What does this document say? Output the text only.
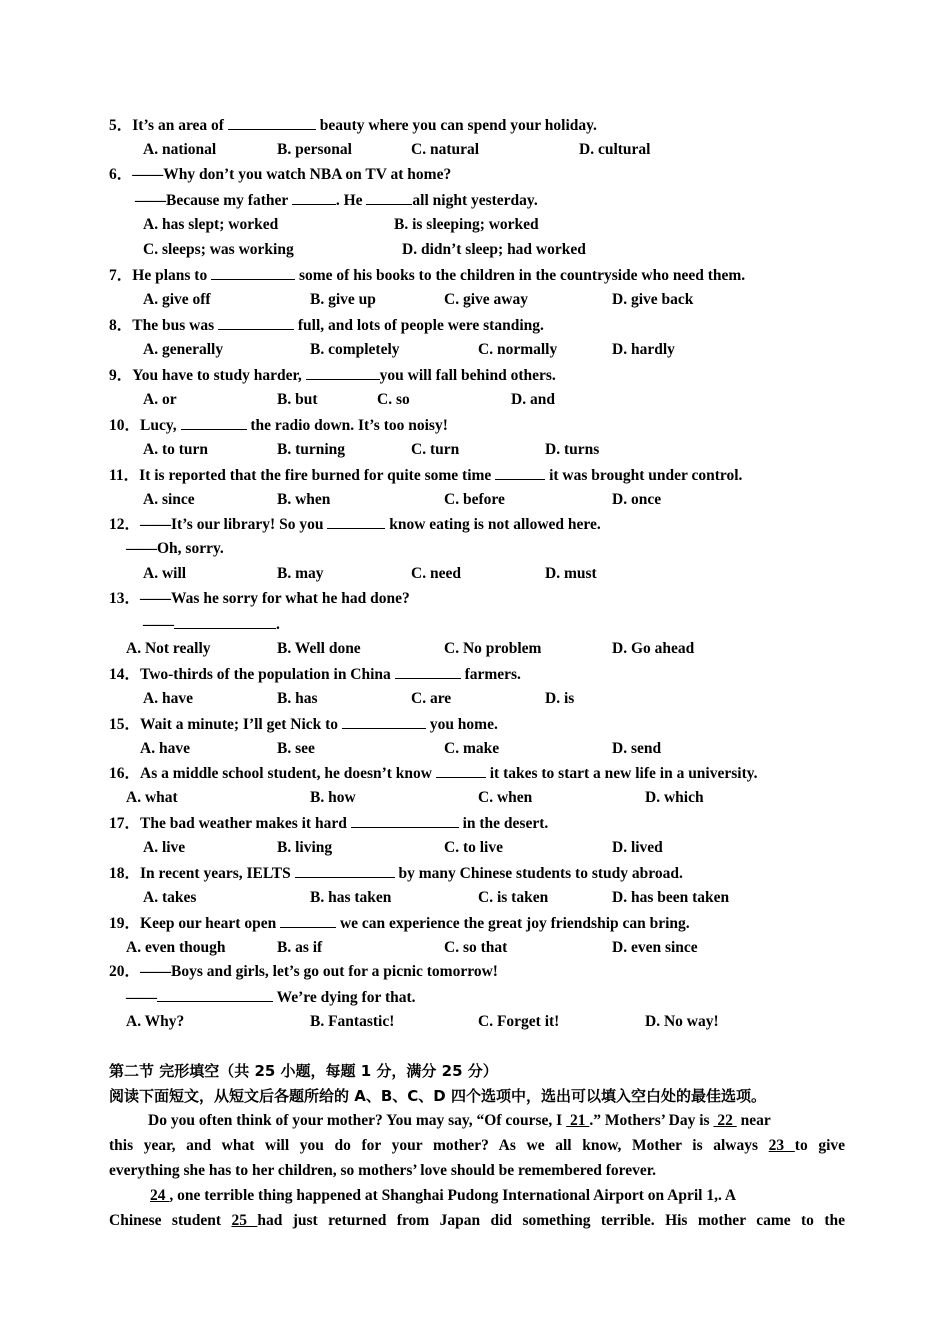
5．It’s an area of	beauty where you can spend your holiday.
A. national	B. personal	C. natural	D. cultural
6．——Why don’t you watch NBA on TV at home?
——Because my father	. He	all night yesterday.
A. has slept; worked	B. is sleeping; worked
C. sleeps; was working	D. didn’t sleep; had worked
7．He plans to	some of his books to the children in the countryside who need them.
A. give off	B. give up	C. give away	D. give back
8．The bus was	full, and lots of people were standing.
A. generally	B. completely	C. normally	D. hardly
9．You have to study harder,	you will fall behind others.
A. or	B. but	C. so	D. and
10．Lucy,	the radio down. It’s too noisy!
A. to turn	B. turning	C. turn	D. turns
11．It is reported that the fire burned for quite some time	it was brought under control.
A. since	B. when	C. before	D. once
12．——It’s our library! So you	know eating is not allowed here.
——Oh, sorry.
A. will	B. may	C. need	D. must
13．——Was he sorry for what he had done?
——	.
A. Not really	B. Well done	C. No problem	D. Go ahead
14．Two-thirds of the population in China	farmers.
A. have	B. has	C. are	D. is
15．Wait a minute; I’ll get Nick to	you home.
A. have	B. see	C. make	D. send
16．As a middle school student, he doesn’t know	it takes to start a new life in a university.
A. what	B. how	C. when	D. which
17．The bad weather makes it hard	in the desert.
A. live	B. living	C. to live	D. lived
18．In recent years, IELTS	by many Chinese students to study abroad.
A. takes	B. has taken	C. is taken	D. has been taken
19．Keep our heart open	we can experience the great joy friendship can bring.
A. even though	B. as if	C. so that	D. even since
20．——Boys and girls, let’s go out for a picnic tomorrow!
——	We’re dying for that.
A. Why?	B. Fantastic!	C. Forget it!	D. No way!
第二节 完形填空（共 25 小题，每题 1 分，满分 25 分）
阅读下面短文，从短文后各题所给的 A、B、C、D 四个选项中，选出可以填入空白处的最佳选项。
Do you often think of your mother? You may say, “Of course, I  21 .” Mothers’ Day is  22  near
this year, and what will you do for your mother? As we all know, Mother is always 23 to give
everything she has to her children, so mothers’ love should be remembered forever.
24 , one terrible thing happened at Shanghai Pudong International Airport on April 1,. A
Chinese student 25 had just returned from Japan did something terrible. His mother came to the
